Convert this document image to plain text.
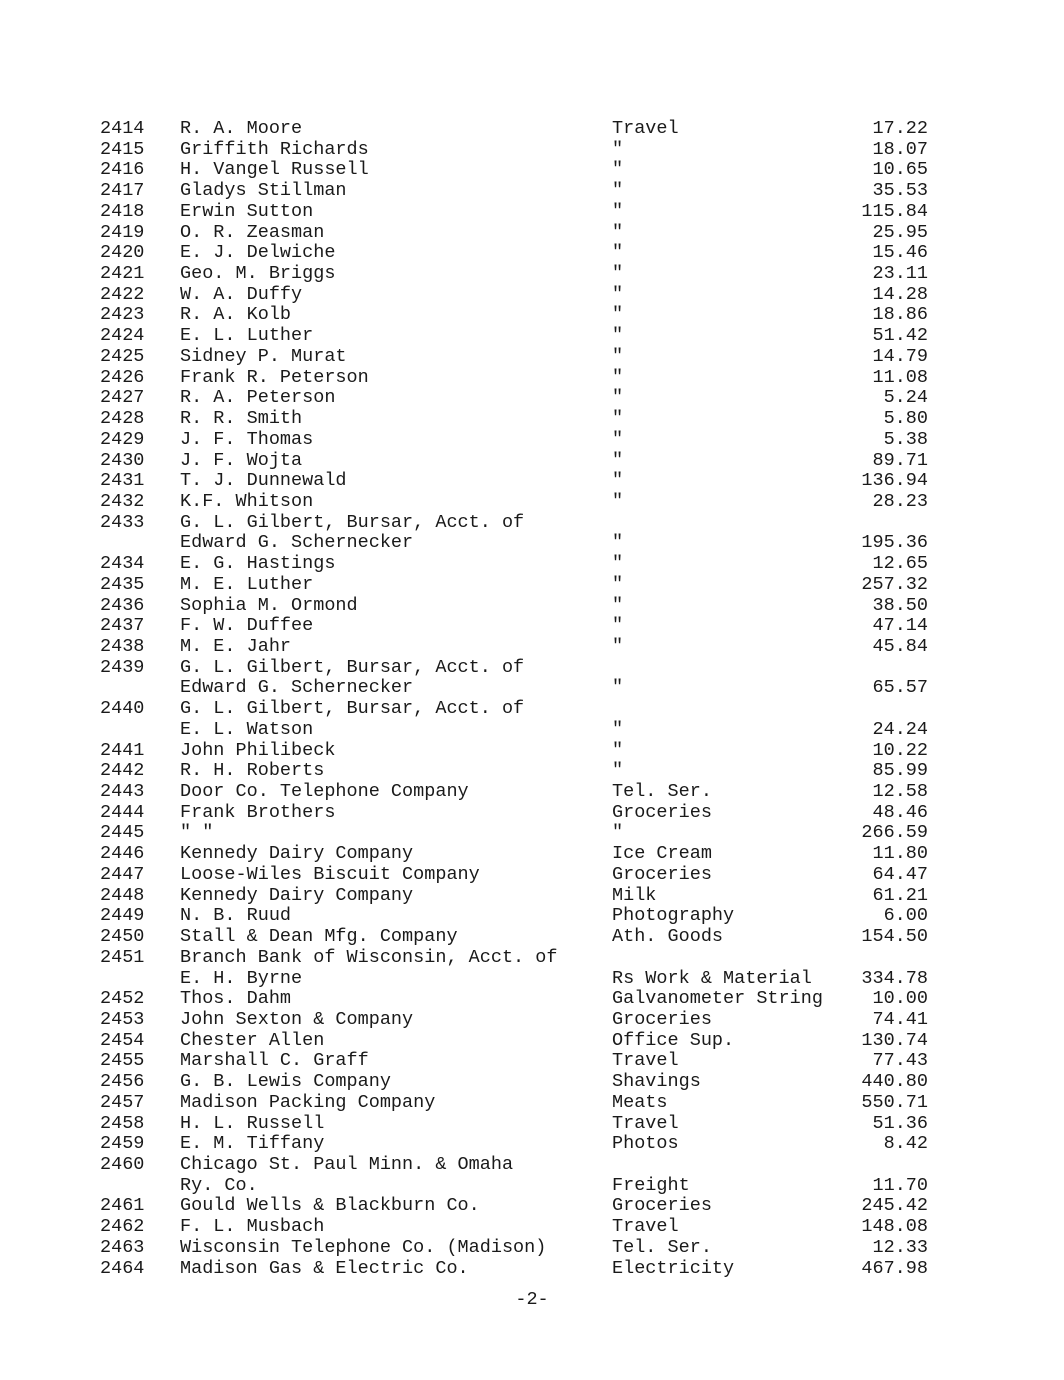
2414 R. A. Moore	Travel	17.22
2415 Griffith Richards	"	18.07
2416 H. Vangel Russell	"	10.65
2417 Gladys Stillman	"	35.53
2418 Erwin Sutton	"	115.84
2419 O. R. Zeasman	"	25.95
2420 E. J. Delwiche	"	15.46
2421 Geo. M. Briggs	"	23.11
2422 W. A. Duffy	"	14.28
2423 R. A. Kolb	"	18.86
2424 E. L. Luther	"	51.42
2425 Sidney P. Murat	"	14.79
2426 Frank R. Peterson	"	11.08
2427 R. A. Peterson	"	5.24
2428 R. R. Smith	"	5.80
2429 J. F. Thomas	"	5.38
2430 J. F. Wojta	"	89.71
2431 T. J. Dunnewald	"	136.94
2432 K.F. Whitson	"	28.23
2433 G. L. Gilbert, Bursar, Acct. of
Edward G. Schernecker	"	195.36
2434 E. G. Hastings	"	12.65
2435 M. E. Luther	"	257.32
2436 Sophia M. Ormond	"	38.50
2437 F. W. Duffee	"	47.14
2438 M. E. Jahr	"	45.84
2439 G. L. Gilbert, Bursar, Acct. of
Edward G. Schernecker	"	65.57
2440 G. L. Gilbert, Bursar, Acct. of
E. L. Watson	"	24.24
2441 John Philibeck	"	10.22
2442 R. H. Roberts	"	85.99
2443 Door Co. Telephone Company	Tel. Ser.	12.58
2444 Frank Brothers	Groceries	48.46
2445 " "	"	266.59
2446 Kennedy Dairy Company	Ice Cream	11.80
2447 Loose-Wiles Biscuit Company	Groceries	64.47
2448 Kennedy Dairy Company	Milk	61.21
2449 N. B. Ruud	Photography	6.00
2450 Stall & Dean Mfg. Company	Ath. Goods	154.50
2451 Branch Bank of Wisconsin, Acct. of
E. H. Byrne	Rs Work & Material	334.78
2452 Thos. Dahm	Galvanometer String	10.00
2453 John Sexton & Company	Groceries	74.41
2454 Chester Allen	Office Sup.	130.74
2455 Marshall C. Graff	Travel	77.43
2456 G. B. Lewis Company	Shavings	440.80
2457 Madison Packing Company	Meats	550.71
2458 H. L. Russell	Travel	51.36
2459 E. M. Tiffany	Photos	8.42
2460 Chicago St. Paul Minn. & Omaha
Ry. Co.	Freight	11.70
2461 Gould Wells & Blackburn Co.	Groceries	245.42
2462 F. L. Musbach	Travel	148.08
2463 Wisconsin Telephone Co. (Madison)	Tel. Ser.	12.33
2464 Madison Gas & Electric Co.	Electricity	467.98
-2-
